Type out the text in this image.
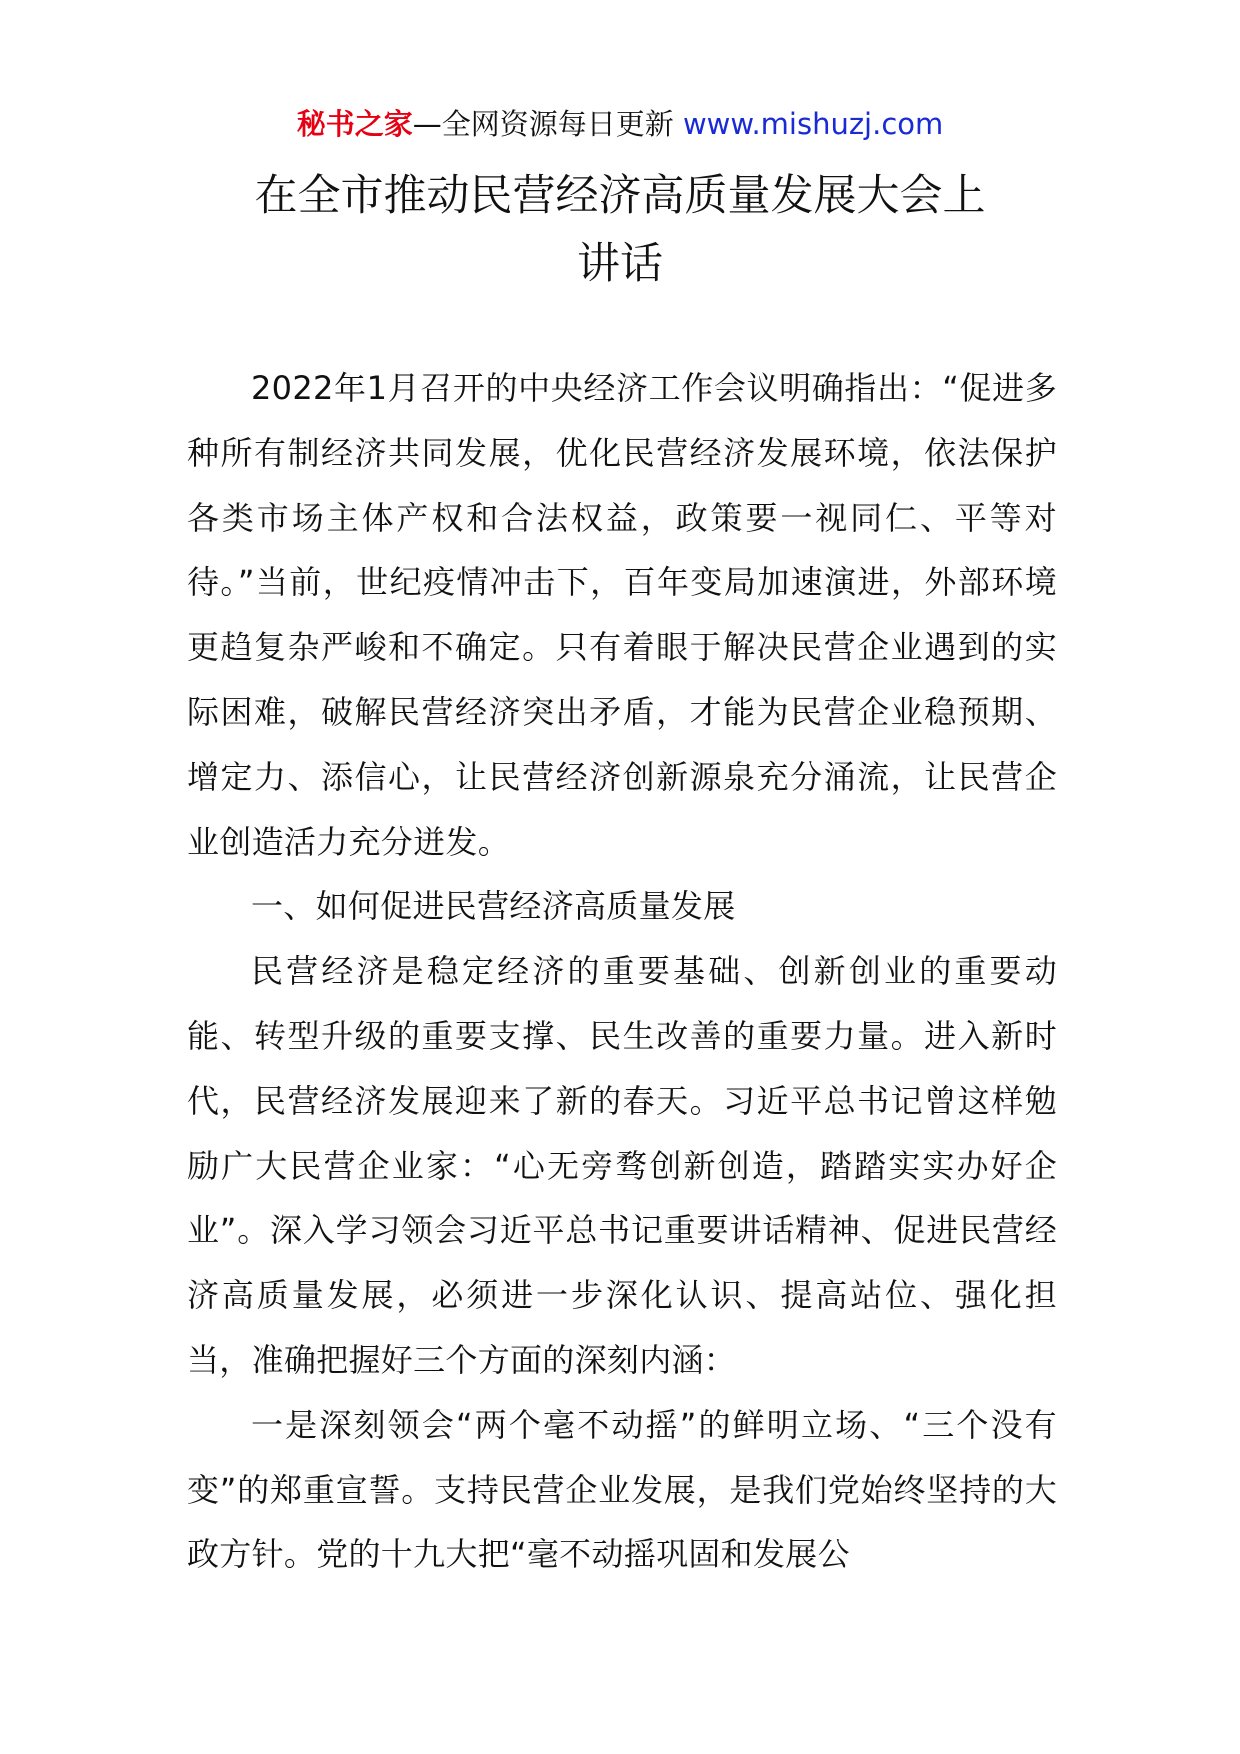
秘书之家—全网资源每日更新 www.mishuzj.com
在全市推动民营经济高质量发展大会上
讲话

2022年1月召开的中央经济工作会议明确指出：“促进多种所有制经济共同发展，优化民营经济发展环境，依法保护各类市场主体产权和合法权益，政策要一视同仁、平等对待。”当前，世纪疫情冲击下，百年变局加速演进，外部环境更趋复杂严峻和不确定。只有着眼于解决民营企业遇到的实际困难，破解民营经济突出矛盾，才能为民营企业稳预期、增定力、添信心，让民营经济创新源泉充分涌流，让民营企业创造活力充分迸发。

一、如何促进民营经济高质量发展

民营经济是稳定经济的重要基础、创新创业的重要动能、转型升级的重要支撑、民生改善的重要力量。进入新时代，民营经济发展迎来了新的春天。习近平总书记曾这样勉励广大民营企业家：“心无旁骛创新创造，踏踏实实办好企业”。深入学习领会习近平总书记重要讲话精神、促进民营经济高质量发展，必须进一步深化认识、提高站位、强化担当，准确把握好三个方面的深刻内涵：

一是深刻领会“两个毫不动摇”的鲜明立场、“三个没有变”的郑重宣誓。支持民营企业发展，是我们党始终坚持的大政方针。党的十九大把“毫不动摇巩固和发展公
